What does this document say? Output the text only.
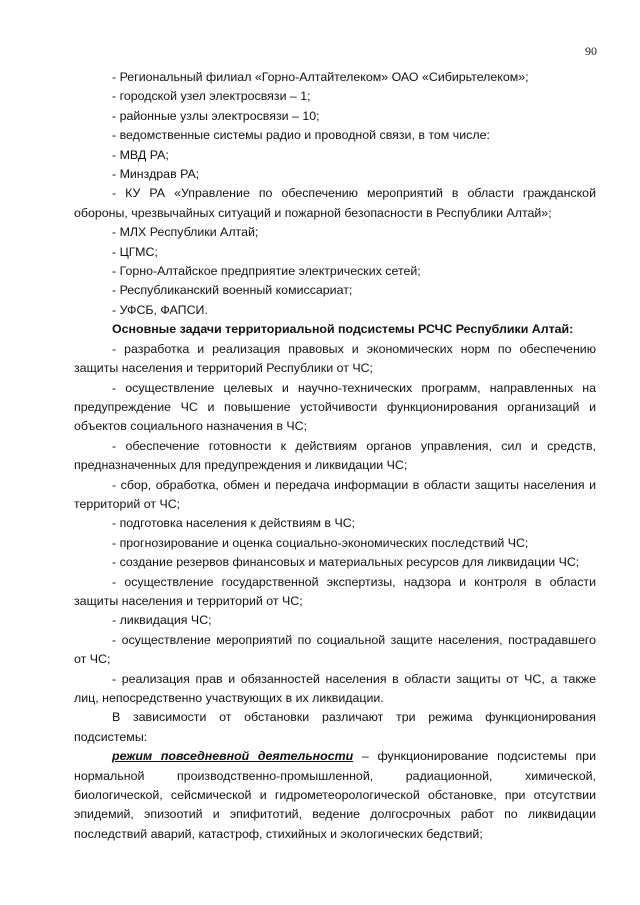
90

- Региональный филиал «Горно-Алтайтелеком» ОАО «Сибирьтелеком»;

- городской узел электросвязи – 1;

- районные узлы электросвязи – 10;

- ведомственные системы радио и проводной связи, в том числе:

- МВД РА;

- Минздрав РА;

- КУ РА «Управление по обеспечению мероприятий в области гражданской обороны, чрезвычайных ситуаций и пожарной безопасности в Республики Алтай»;

- МЛХ Республики Алтай;

- ЦГМС;

- Горно-Алтайское предприятие электрических сетей;

- Республиканский военный комиссариат;

- УФСБ, ФАПСИ.

Основные задачи территориальной подсистемы РСЧС Республики Алтай:

- разработка и реализация правовых и экономических норм по обеспечению защиты населения и территорий Республики от ЧС;

- осуществление целевых и научно-технических программ, направленных на предупреждение ЧС и повышение устойчивости функционирования организаций и объектов социального назначения в ЧС;

- обеспечение готовности к действиям органов управления, сил и средств, предназначенных для предупреждения и ликвидации ЧС;

- сбор, обработка, обмен и передача информации в области защиты населения и территорий от ЧС;

- подготовка населения к действиям в ЧС;

- прогнозирование и оценка социально-экономических последствий ЧС;

- создание резервов финансовых и материальных ресурсов для ликвидации ЧС;

- осуществление государственной экспертизы, надзора и контроля в области защиты населения и территорий от ЧС;

- ликвидация ЧС;

- осуществление мероприятий по социальной защите населения, пострадавшего от ЧС;

- реализация прав и обязанностей населения в области защиты от ЧС, а также лиц, непосредственно участвующих в их ликвидации.

В зависимости от обстановки различают три режима функционирования подсистемы:

режим повседневной деятельности – функционирование подсистемы при нормальной производственно-промышленной, радиационной, химической, биологической, сейсмической и гидрометеорологической обстановке, при отсутствии эпидемий, эпизоотий и эпифитотий, ведение долгосрочных работ по ликвидации последствий аварий, катастроф, стихийных и экологических бедствий;
